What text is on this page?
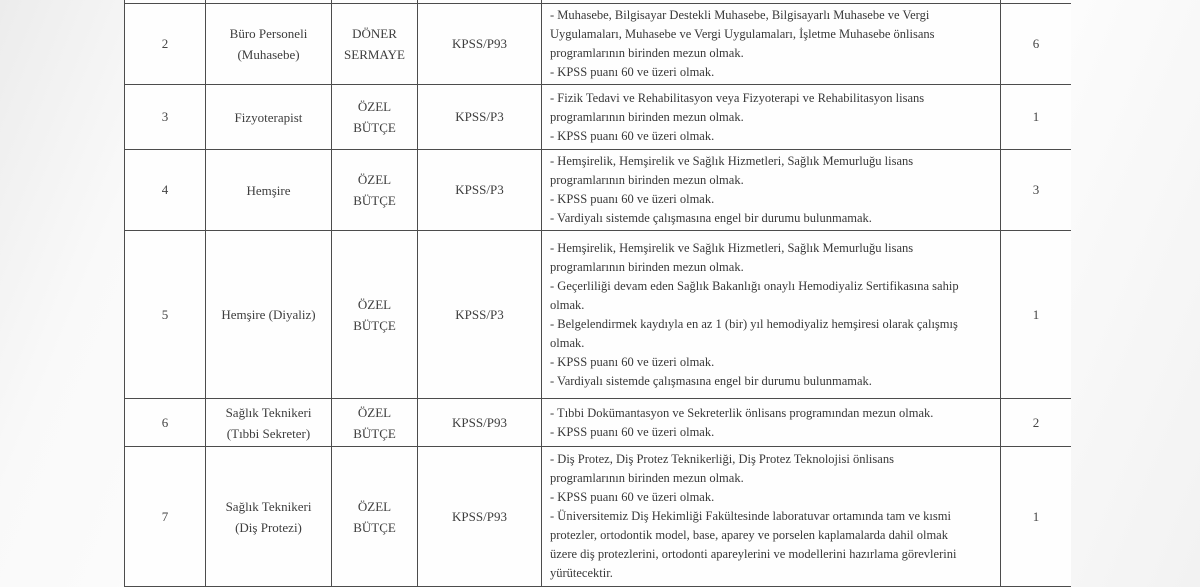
2	Büro Personeli (Muhasebe)	DÖNER SERMAYE	KPSS/P93	- Muhasebe, Bilgisayar Destekli Muhasebe, Bilgisayarlı Muhasebe ve Vergi

Uygulamaları, Muhasebe ve Vergi Uygulamaları, İşletme Muhasebe önlisans

programlarının birinden mezun olmak.

- KPSS puanı 60 ve üzeri olmak.	6
3	Fizyoterapist	ÖZEL BÜTÇE	KPSS/P3	- Fizik Tedavi ve Rehabilitasyon veya Fizyoterapi ve Rehabilitasyon lisans

programlarının birinden mezun olmak.

- KPSS puanı 60 ve üzeri olmak.	1
4	Hemşire	ÖZEL BÜTÇE	KPSS/P3	- Hemşirelik, Hemşirelik ve Sağlık Hizmetleri, Sağlık Memurluğu lisans

programlarının birinden mezun olmak.

- KPSS puanı 60 ve üzeri olmak.

- Vardiyalı sistemde çalışmasına engel bir durumu bulunmamak.	3
5	Hemşire (Diyaliz)	ÖZEL BÜTÇE	KPSS/P3	

- Hemşirelik, Hemşirelik ve Sağlık Hizmetleri, Sağlık Memurluğu lisans

programlarının birinden mezun olmak.

- Geçerliliği devam eden Sağlık Bakanlığı onaylı Hemodiyaliz Sertifikasına sahip

olmak.

- Belgelendirmek kaydıyla en az 1 (bir) yıl hemodiyaliz hemşiresi olarak çalışmış

olmak.

- KPSS puanı 60 ve üzeri olmak.

- Vardiyalı sistemde çalışmasına engel bir durumu bulunmamak.

	1
6	Sağlık Teknikeri (Tıbbi Sekreter)	ÖZEL BÜTÇE	KPSS/P93	- Tıbbi Dokümantasyon ve Sekreterlik önlisans programından mezun olmak.

- KPSS puanı 60 ve üzeri olmak.	2
7	Sağlık Teknikeri (Diş Protezi)	ÖZEL BÜTÇE	KPSS/P93	

- Diş Protez, Diş Protez Teknikerliği, Diş Protez Teknolojisi önlisans

programlarının birinden mezun olmak.

- KPSS puanı 60 ve üzeri olmak.

- Üniversitemiz Diş Hekimliği Fakültesinde laboratuvar ortamında tam ve kısmi

protezler, ortodontik model, base, aparey ve porselen kaplamalarda dahil olmak

üzere diş protezlerini, ortodonti apareylerini ve modellerini hazırlama görevlerini

yürütecektir.

	1
